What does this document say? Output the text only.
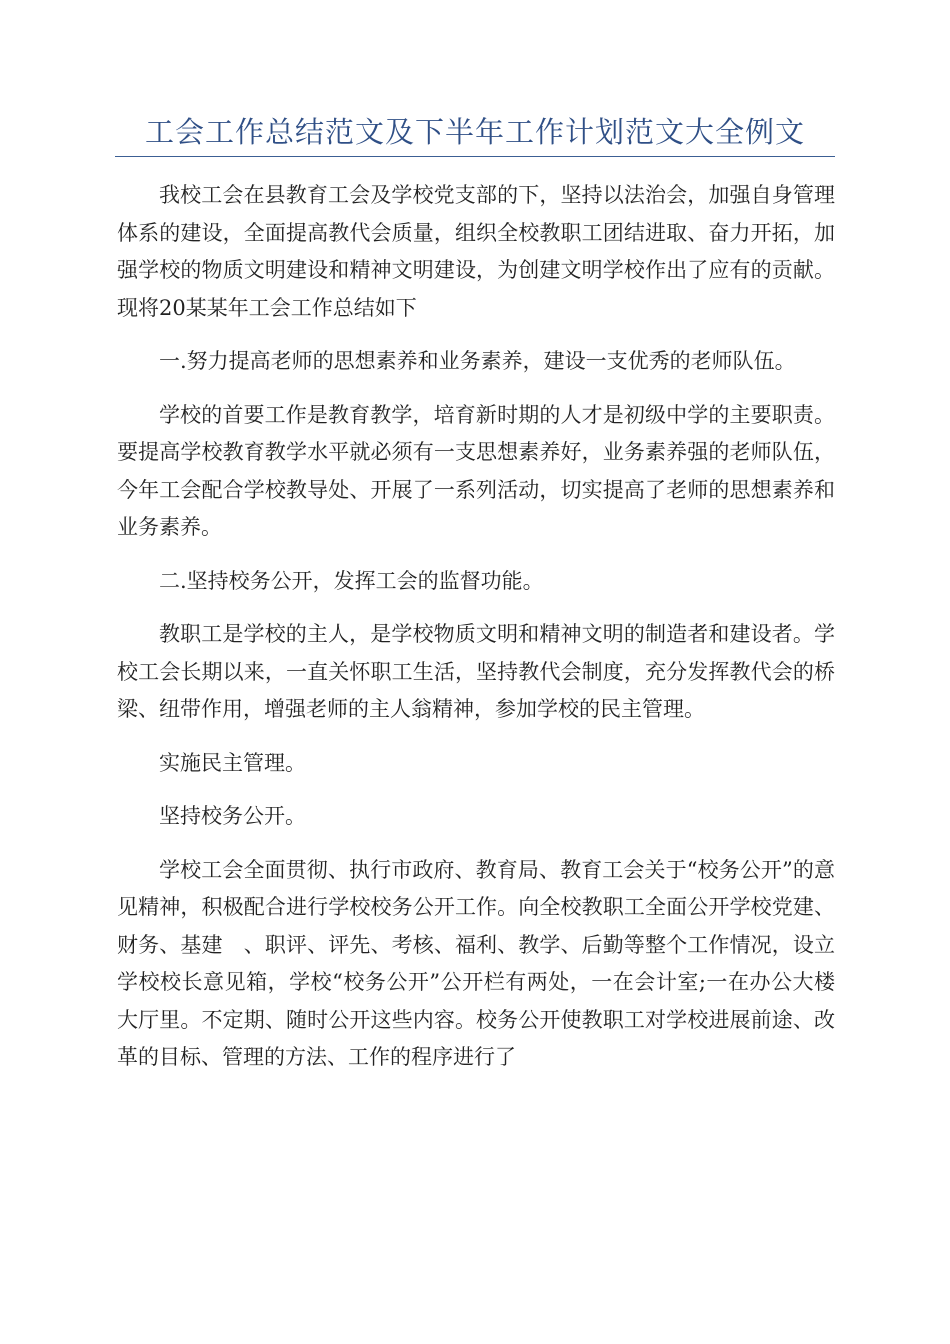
工会工作总结范文及下半年工作计划范文大全例文

我校工会在县教育工会及学校党支部的下，坚持以法治会，加强自身管理体系的建设，全面提高教代会质量，组织全校教职工团结进取、奋力开拓，加强学校的物质文明建设和精神文明建设，为创建文明学校作出了应有的贡献。现将20某某年工会工作总结如下

一.努力提高老师的思想素养和业务素养，建设一支优秀的老师队伍。

学校的首要工作是教育教学，培育新时期的人才是初级中学的主要职责。要提高学校教育教学水平就必须有一支思想素养好，业务素养强的老师队伍，今年工会配合学校教导处、开展了一系列活动，切实提高了老师的思想素养和业务素养。

二.坚持校务公开，发挥工会的监督功能。

教职工是学校的主人，是学校物质文明和精神文明的制造者和建设者。学校工会长期以来，一直关怀职工生活，坚持教代会制度，充分发挥教代会的桥梁、纽带作用，增强老师的主人翁精神，参加学校的民主管理。

实施民主管理。

坚持校务公开。

学校工会全面贯彻、执行市政府、教育局、教育工会关于“校务公开”的意见精神，积极配合进行学校校务公开工作。向全校教职工全面公开学校党建、财务、基建　、职评、评先、考核、福利、教学、后勤等整个工作情况，设立学校校长意见箱，学校“校务公开”公开栏有两处，一在会计室;一在办公大楼大厅里。不定期、随时公开这些内容。校务公开使教职工对学校进展前途、改革的目标、管理的方法、工作的程序进行了
